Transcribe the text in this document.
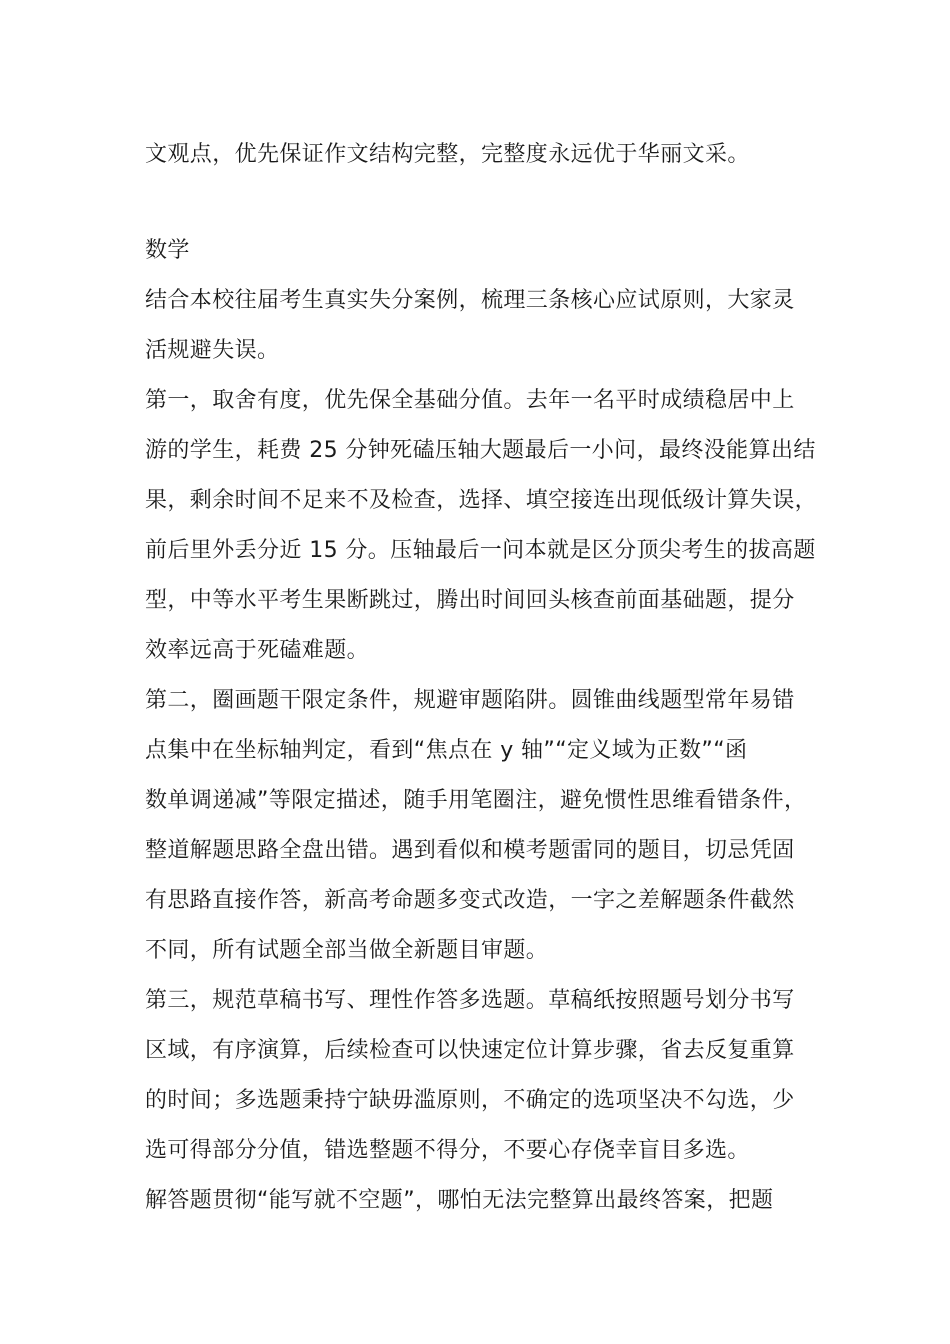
文观点，优先保证作文结构完整，完整度永远优于华丽文采。
数学
结合本校往届考生真实失分案例，梳理三条核心应试原则，大家灵
活规避失误。
第一，取舍有度，优先保全基础分值。去年一名平时成绩稳居中上
游的学生，耗费 25 分钟死磕压轴大题最后一小问，最终没能算出结
果，剩余时间不足来不及检查，选择、填空接连出现低级计算失误，
前后里外丢分近 15 分。压轴最后一问本就是区分顶尖考生的拔高题
型，中等水平考生果断跳过，腾出时间回头核查前面基础题，提分
效率远高于死磕难题。
第二，圈画题干限定条件，规避审题陷阱。圆锥曲线题型常年易错
点集中在坐标轴判定，看到“焦点在 y 轴”“定义域为正数”“函
数单调递减”等限定描述，随手用笔圈注，避免惯性思维看错条件，
整道解题思路全盘出错。遇到看似和模考题雷同的题目，切忌凭固
有思路直接作答，新高考命题多变式改造，一字之差解题条件截然
不同，所有试题全部当做全新题目审题。
第三，规范草稿书写、理性作答多选题。草稿纸按照题号划分书写
区域，有序演算，后续检查可以快速定位计算步骤，省去反复重算
的时间；多选题秉持宁缺毋滥原则，不确定的选项坚决不勾选，少
选可得部分分值，错选整题不得分，不要心存侥幸盲目多选。
解答题贯彻“能写就不空题”，哪怕无法完整算出最终答案，把题
